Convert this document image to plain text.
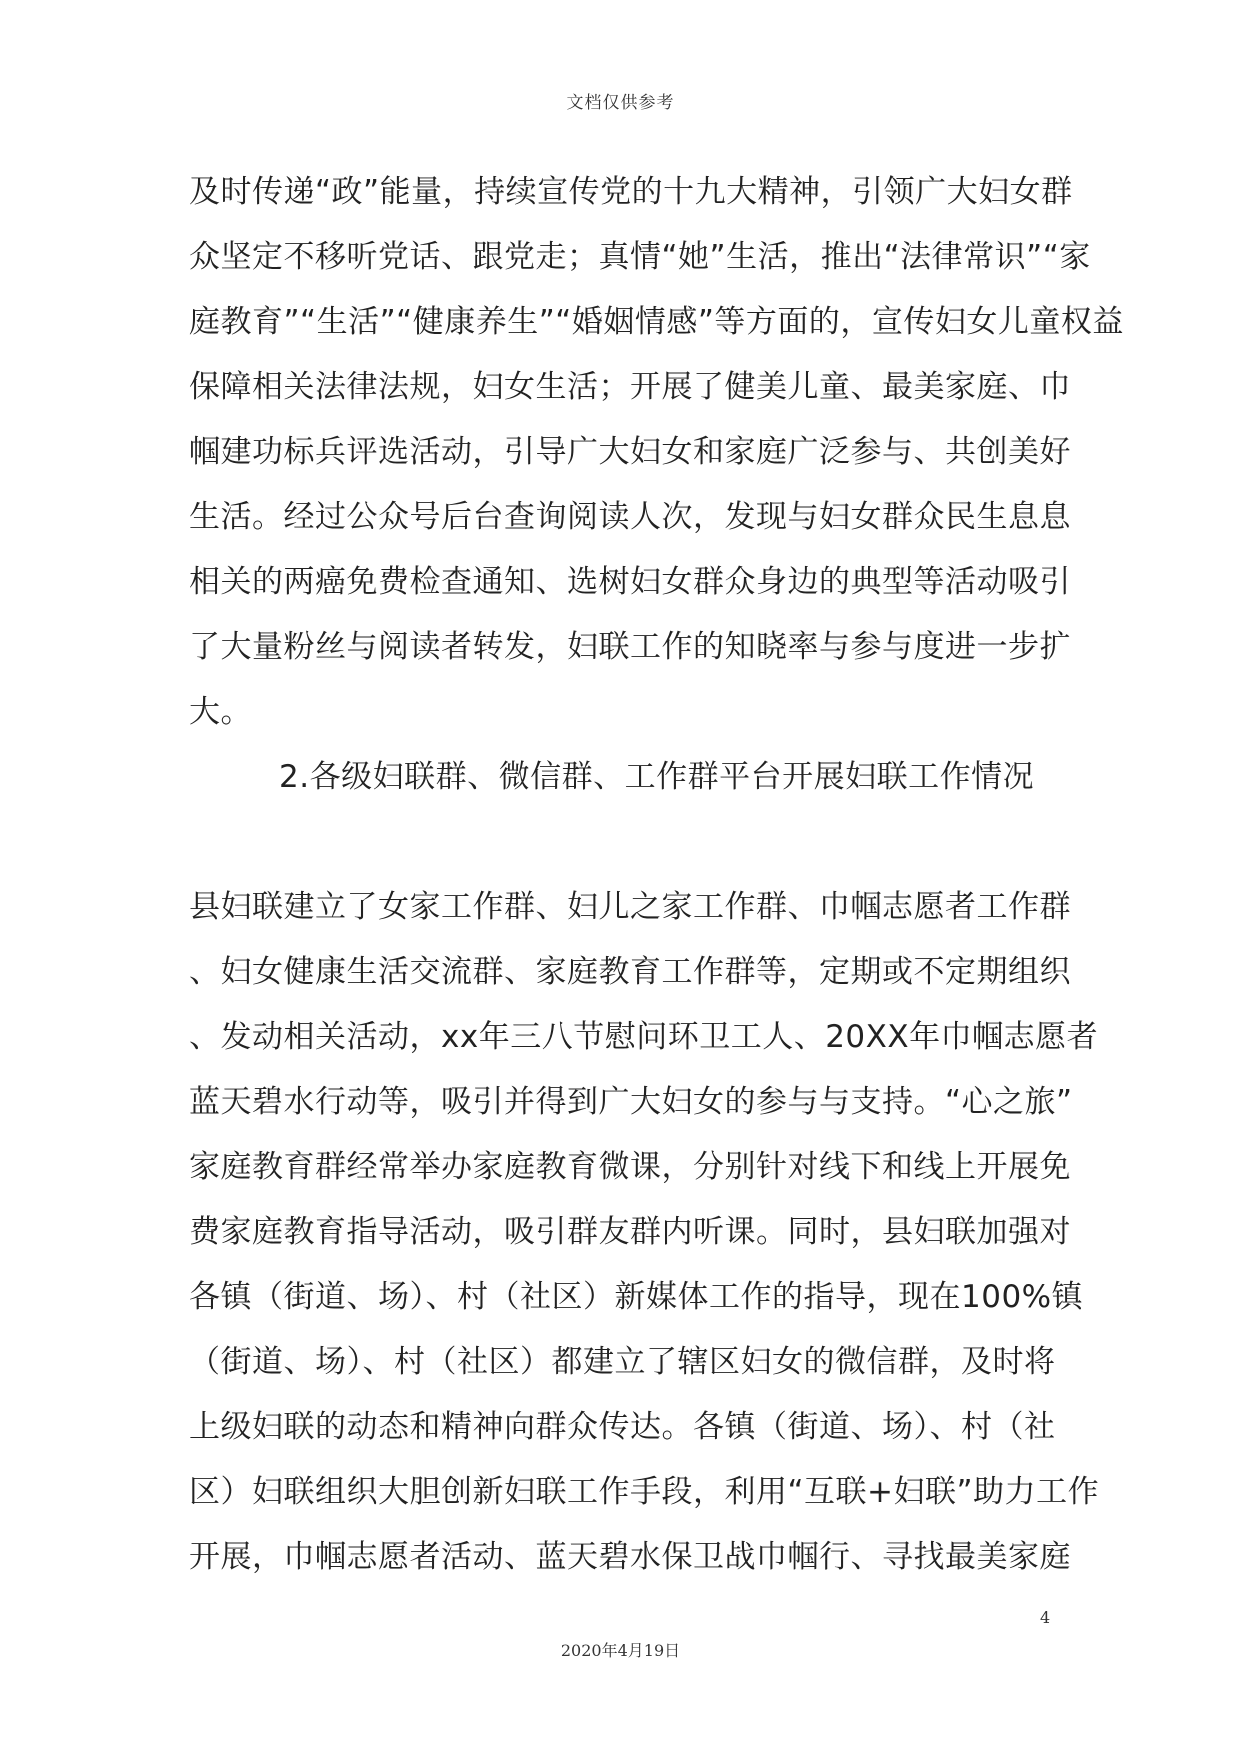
文档仅供参考
及时传递“政”能量，持续宣传党的十九大精神，引领广大妇女群
众坚定不移听党话、跟党走；真情“她”生活，推出“法律常识”“家
庭教育”“生活”“健康养生”“婚姻情感”等方面的，宣传妇女儿童权益
保障相关法律法规，妇女生活；开展了健美儿童、最美家庭、巾
帼建功标兵评选活动，引导广大妇女和家庭广泛参与、共创美好
生活。经过公众号后台查询阅读人次，发现与妇女群众民生息息
相关的两癌免费检查通知、选树妇女群众身边的典型等活动吸引
了大量粉丝与阅读者转发，妇联工作的知晓率与参与度进一步扩
大。
2.各级妇联群、微信群、工作群平台开展妇联工作情况
县妇联建立了女家工作群、妇儿之家工作群、巾帼志愿者工作群
、妇女健康生活交流群、家庭教育工作群等，定期或不定期组织
、发动相关活动，xx年三八节慰问环卫工人、20XX年巾帼志愿者
蓝天碧水行动等，吸引并得到广大妇女的参与与支持。“心之旅”
家庭教育群经常举办家庭教育微课，分别针对线下和线上开展免
费家庭教育指导活动，吸引群友群内听课。同时，县妇联加强对
各镇（街道、场）、村（社区）新媒体工作的指导，现在100%镇
（街道、场）、村（社区）都建立了辖区妇女的微信群，及时将
上级妇联的动态和精神向群众传达。各镇（街道、场）、村（社
区）妇联组织大胆创新妇联工作手段，利用“互联+妇联”助力工作
开展，巾帼志愿者活动、蓝天碧水保卫战巾帼行、寻找最美家庭
4
2020年4月19日
